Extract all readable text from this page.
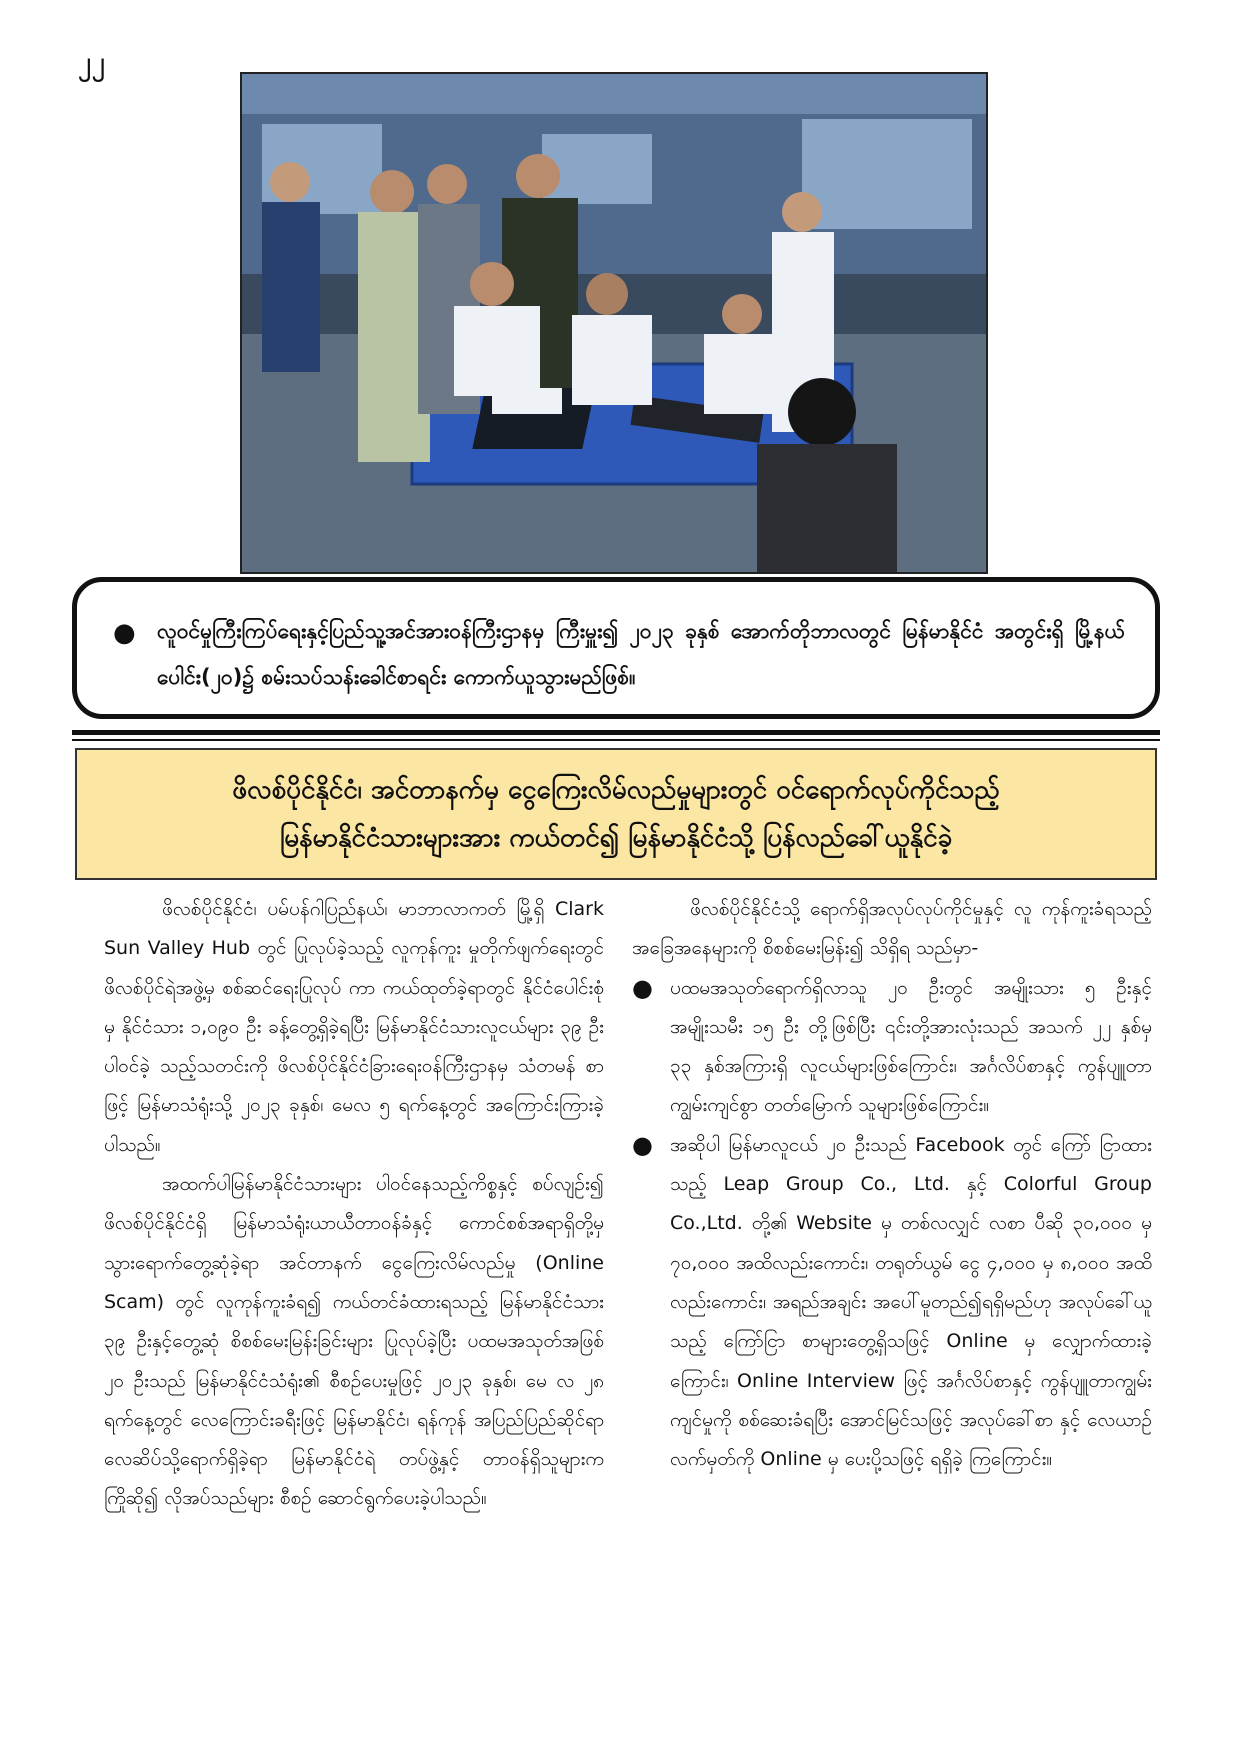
၂၂
● လူဝင်မှုကြီးကြပ်ရေးနှင့်ပြည်သူ့အင်အားဝန်ကြီးဌာနမှ ကြီးမှူး၍ ၂၀၂၃ ခုနှစ် အောက်တိုဘာလတွင် မြန်မာနိုင်ငံ အတွင်းရှိ မြို့နယ်ပေါင်း(၂၀)၌ စမ်းသပ်သန်းခေါင်စာရင်း ကောက်ယူသွားမည်ဖြစ်။
ဖိလစ်ပိုင်နိုင်ငံ၊ အင်တာနက်မှ ငွေကြေးလိမ်လည်မှုများတွင် ဝင်ရောက်လုပ်ကိုင်သည့်
မြန်မာနိုင်ငံသားများအား ကယ်တင်၍ မြန်မာနိုင်ငံသို့ ပြန်လည်ခေါ်ယူနိုင်ခဲ့

ဖိလစ်ပိုင်နိုင်ငံ၊ ပမ်ပန်ဂါပြည်နယ်၊ မာဘာလာကတ် မြို့ရှိ Clark Sun Valley Hub တွင် ပြုလုပ်ခဲ့သည့် လူကုန်ကူး မှုတိုက်ဖျက်ရေးတွင် ဖိလစ်ပိုင်ရဲအဖွဲ့မှ စစ်ဆင်ရေးပြုလုပ် ကာ ကယ်ထုတ်ခဲ့ရာတွင် နိုင်ငံပေါင်းစုံမှ နိုင်ငံသား ၁,၀၉၀ ဦး ခန့်တွေ့ရှိခဲ့ရပြီး မြန်မာနိုင်ငံသားလူငယ်များ ၃၉ ဦး ပါဝင်ခဲ့ သည့်သတင်းကို ဖိလစ်ပိုင်နိုင်ငံခြားရေးဝန်ကြီးဌာနမှ သံတမန် စာဖြင့် မြန်မာသံရုံးသို့ ၂၀၂၃ ခုနှစ်၊ မေလ ၅ ရက်နေ့တွင် အကြောင်းကြားခဲ့ပါသည်။

အထက်ပါမြန်မာနိုင်ငံသားများ ပါဝင်နေသည့်ကိစ္စနှင့် စပ်လျဉ်း၍ ဖိလစ်ပိုင်နိုင်ငံရှိ မြန်မာသံရုံးယာယီတာဝန်ခံနှင့် ကောင်စစ်အရာရှိတို့မှ သွားရောက်တွေ့ဆုံခဲ့ရာ အင်တာနက် ငွေကြေးလိမ်လည်မှု (Online Scam) တွင် လူကုန်ကူးခံရ၍ ကယ်တင်ခံထားရသည့် မြန်မာနိုင်ငံသား ၃၉ ဦးနှင့်တွေ့ဆုံ စိစစ်မေးမြန်းခြင်းများ ပြုလုပ်ခဲ့ပြီး ပထမအသုတ်အဖြစ် ၂၀ ဦးသည် မြန်မာနိုင်ငံသံရုံး၏ စီစဉ်ပေးမှုဖြင့် ၂၀၂၃ ခုနှစ်၊ မေ လ ၂၈ ရက်နေ့တွင် လေကြောင်းခရီးဖြင့် မြန်မာနိုင်ငံ၊ ရန်ကုန် အပြည်ပြည်ဆိုင်ရာ လေဆိပ်သို့ရောက်ရှိခဲ့ရာ မြန်မာနိုင်ငံရဲ တပ်ဖွဲ့နှင့် တာဝန်ရှိသူများကကြိုဆို၍ လိုအပ်သည်များ စီစဉ် ဆောင်ရွက်ပေးခဲ့ပါသည်။

ဖိလစ်ပိုင်နိုင်ငံသို့ ရောက်ရှိအလုပ်လုပ်ကိုင်မှုနှင့် လူ ကုန်ကူးခံရသည့် အခြေအနေများကို စိစစ်မေးမြန်း၍ သိရှိရ သည်မှာ-

● ပထမအသုတ်ရောက်ရှိလာသူ ၂၀ ဦးတွင် အမျိုးသား ၅ ဦးနှင့် အမျိုးသမီး ၁၅ ဦး တို့ဖြစ်ပြီး ၎င်းတို့အားလုံးသည် အသက် ၂၂ နှစ်မှ ၃၃ နှစ်အကြားရှိ လူငယ်များဖြစ်ကြောင်း၊ အင်္ဂလိပ်စာနှင့် ကွန်ပျူတာကျွမ်းကျင်စွာ တတ်မြောက် သူများဖြစ်ကြောင်း။
● အဆိုပါ မြန်မာလူငယ် ၂၀ ဦးသည် Facebook တွင် ကြော် ငြာထားသည့် Leap Group Co., Ltd. နှင့် Colorful Group Co.,Ltd. တို့၏ Website မှ တစ်လလျှင် လစာ ပီဆို ၃၀,၀၀၀ မှ ၇၀,၀၀၀ အထိလည်းကောင်း၊ တရုတ်ယွမ် ငွေ ၄,၀၀၀ မှ ၈,၀၀၀ အထိလည်းကောင်း၊ အရည်အချင်း အပေါ်မူတည်၍ရရှိမည်ဟု အလုပ်ခေါ်ယူသည့် ကြော်ငြာ စာများတွေ့ရှိသဖြင့် Online မှ လျှောက်ထားခဲ့ကြောင်း၊ Online Interview ဖြင့် အင်္ဂလိပ်စာနှင့် ကွန်ပျူတာကျွမ်း ကျင်မှုကို စစ်ဆေးခံရပြီး အောင်မြင်သဖြင့် အလုပ်ခေါ်စာ နှင့် လေယာဉ်လက်မှတ်ကို Online မှ ပေးပို့သဖြင့် ရရှိခဲ့ ကြကြောင်း။
